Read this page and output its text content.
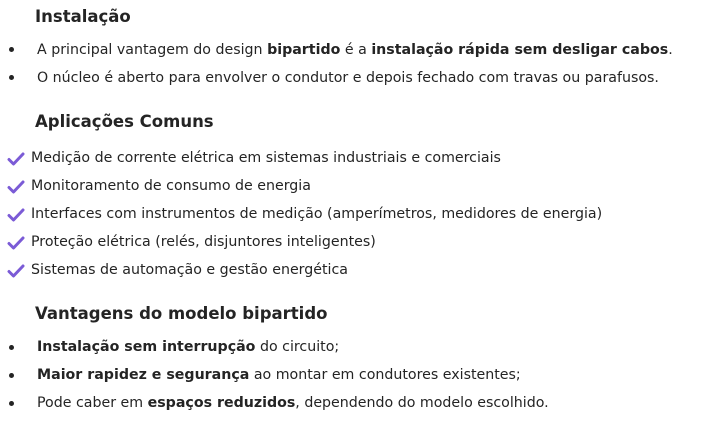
Instalação
A principal vantagem do design bipartido é a instalação rápida sem desligar cabos.
O núcleo é aberto para envolver o condutor e depois fechado com travas ou parafusos.
Aplicações Comuns
Medição de corrente elétrica em sistemas industriais e comerciais
Monitoramento de consumo de energia
Interfaces com instrumentos de medição (amperímetros, medidores de energia)
Proteção elétrica (relés, disjuntores inteligentes)
Sistemas de automação e gestão energética
Vantagens do modelo bipartido
Instalação sem interrupção do circuito;
Maior rapidez e segurança ao montar em condutores existentes;
Pode caber em espaços reduzidos, dependendo do modelo escolhido.
